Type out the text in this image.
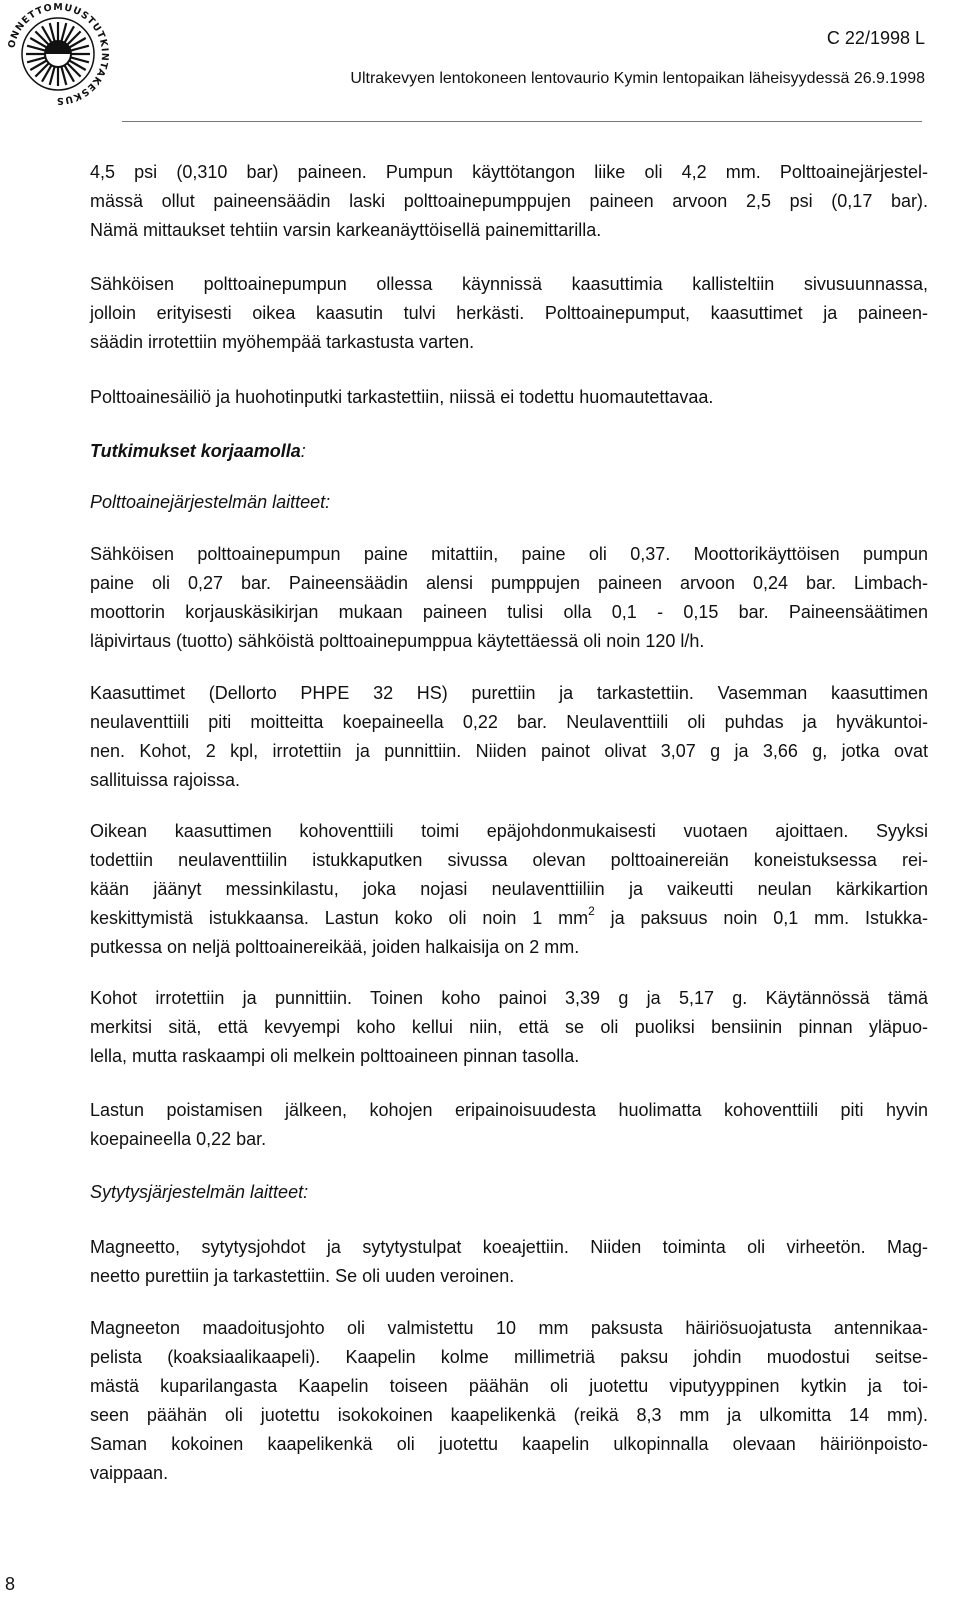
ONNETTOMUUSTUTKINTAKESKUS
C 22/1998 L
Ultrakevyen lentokoneen lentovaurio Kymin lentopaikan läheisyydessä 26.9.1998
4,5 psi (0,310 bar) paineen. Pumpun käyttötangon liike oli 4,2 mm. Polttoainejärjestel-
mässä ollut paineensäädin laski polttoainepumppujen paineen arvoon 2,5 psi (0,17 bar).
Nämä mittaukset tehtiin varsin karkeanäyttöisellä painemittarilla.
Sähköisen polttoainepumpun ollessa käynnissä kaasuttimia kallisteltiin sivusuunnassa,
jolloin erityisesti oikea kaasutin tulvi herkästi. Polttoainepumput, kaasuttimet ja paineen-
säädin irrotettiin myöhempää tarkastusta varten.
Polttoainesäiliö ja huohotinputki tarkastettiin, niissä ei todettu huomautettavaa.
Tutkimukset korjaamolla:
Polttoainejärjestelmän laitteet:
Sähköisen polttoainepumpun paine mitattiin, paine oli 0,37. Moottorikäyttöisen pumpun
paine oli 0,27 bar. Paineensäädin alensi pumppujen paineen arvoon 0,24 bar. Limbach-
moottorin korjauskäsikirjan mukaan paineen tulisi olla 0,1 - 0,15 bar. Paineensäätimen
läpivirtaus (tuotto) sähköistä polttoainepumppua käytettäessä oli noin 120 l/h.
Kaasuttimet (Dellorto PHPE 32 HS) purettiin ja tarkastettiin. Vasemman kaasuttimen
neulaventtiili piti moitteitta koepaineella 0,22 bar. Neulaventtiili oli puhdas ja hyväkuntoi-
nen. Kohot, 2 kpl, irrotettiin ja punnittiin. Niiden painot olivat 3,07 g ja 3,66 g, jotka ovat
sallituissa rajoissa.
Oikean kaasuttimen kohoventtiili toimi epäjohdonmukaisesti vuotaen ajoittaen. Syyksi
todettiin neulaventtiilin istukkaputken sivussa olevan polttoainereiän koneistuksessa rei-
kään jäänyt messinkilastu, joka nojasi neulaventtiiliin ja vaikeutti neulan kärkikartion
keskittymistä istukkaansa. Lastun koko oli noin 1 $mm^2$ ja paksuus noin 0,1 mm. Istukka-
putkessa on neljä polttoainereikää, joiden halkaisija on 2 mm.
Kohot irrotettiin ja punnittiin. Toinen koho painoi 3,39 g ja 5,17 g. Käytännössä tämä
merkitsi sitä, että kevyempi koho kellui niin, että se oli puoliksi bensiinin pinnan yläpuo-
lella, mutta raskaampi oli melkein polttoaineen pinnan tasolla.
Lastun poistamisen jälkeen, kohojen eripainoisuudesta huolimatta kohoventtiili piti hyvin
koepaineella 0,22 bar.
Sytytysjärjestelmän laitteet:
Magneetto, sytytysjohdot ja sytytystulpat koeajettiin. Niiden toiminta oli virheetön. Mag-
neetto purettiin ja tarkastettiin. Se oli uuden veroinen.
Magneeton maadoitusjohto oli valmistettu 10 mm paksusta häiriösuojatusta antennikaa-
pelista (koaksiaalikaapeli). Kaapelin kolme millimetriä paksu johdin muodostui seitse-
mästä kuparilangasta Kaapelin toiseen päähän oli juotettu viputyyppinen kytkin ja toi-
seen päähän oli juotettu isokokoinen kaapelikenkä (reikä 8,3 mm ja ulkomitta 14 mm).
Saman kokoinen kaapelikenkä oli juotettu kaapelin ulkopinnalla olevaan häiriönpoisto-
vaippaan.
8
